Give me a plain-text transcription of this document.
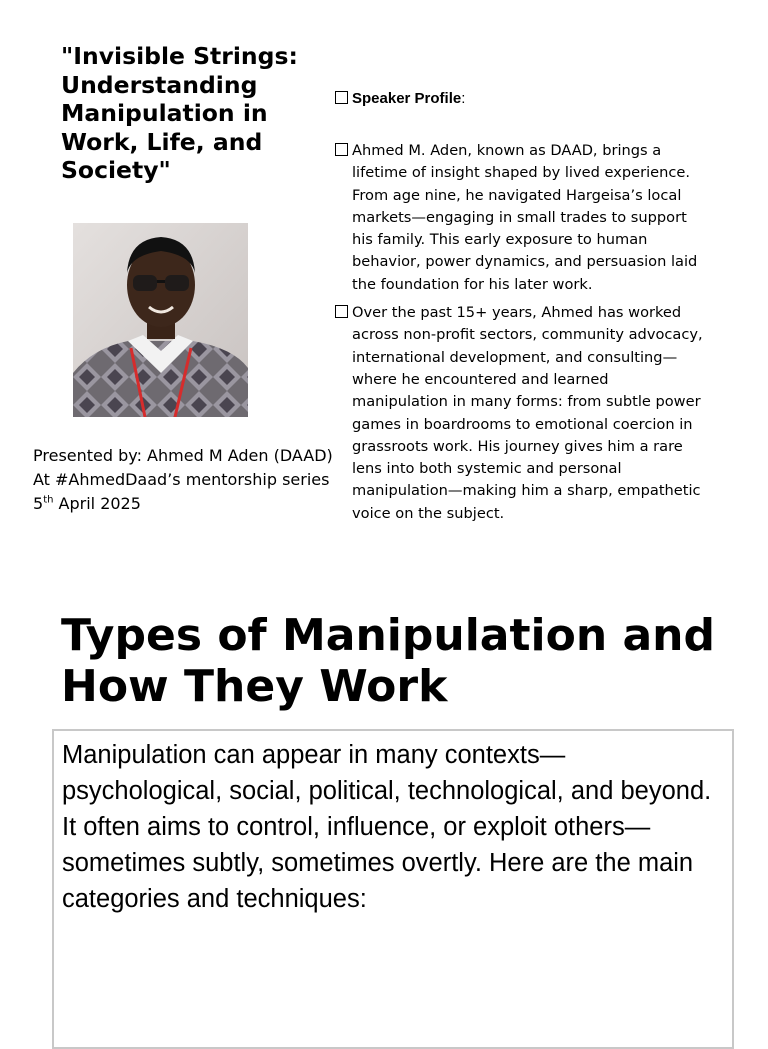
"Invisible Strings: Understanding Manipulation in Work, Life, and Society"

Presented by: Ahmed M Aden (DAAD)

At #AhmedDaad’s mentorship series

5th April 2025

Speaker Profile :
Ahmed M. Aden, known as DAAD, brings a lifetime of insight shaped by lived experience. From age nine, he navigated Hargeisa’s local markets—engaging in small trades to support his family. This early exposure to human behavior, power dynamics, and persuasion laid the foundation for his later work.
Over the past 15+ years, Ahmed has worked across non-profit sectors, community advocacy, international development, and consulting—where he encountered and learned manipulation in many forms: from subtle power games in boardrooms to emotional coercion in grassroots work. His journey gives him a rare lens into both systemic and personal manipulation—making him a sharp, empathetic voice on the subject.
Types of Manipulation and How They Work

Manipulation can appear in many contexts—psychological, social, political, technological, and beyond. It often aims to control, influence, or exploit others—sometimes subtly, sometimes overtly. Here are the main categories and techniques:
